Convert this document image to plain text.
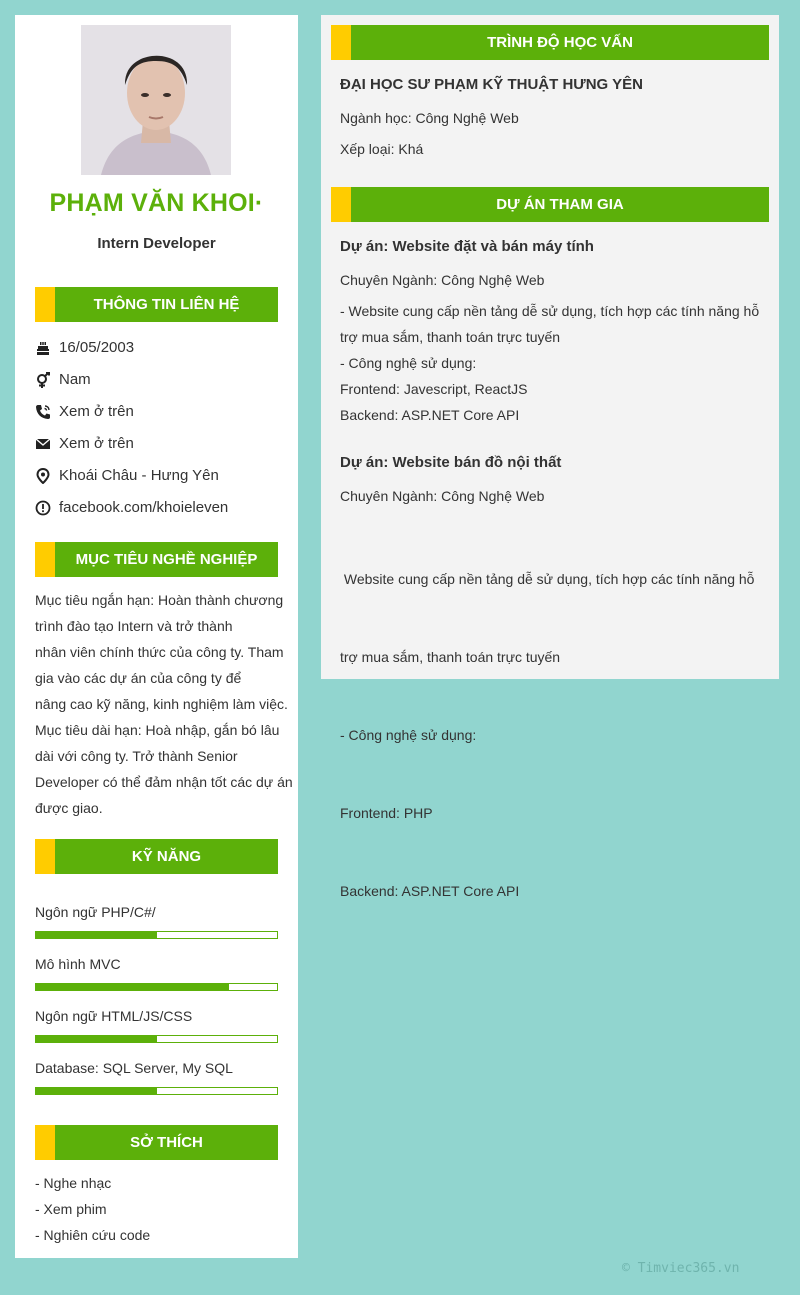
PHẠM VĂN KHOI·
Intern Developer
THÔNG TIN LIÊN HỆ
16/05/2003
Nam
Xem ở trên
Xem ở trên
Khoái Châu - Hưng Yên
facebook.com/khoieleven
MỤC TIÊU NGHỀ NGHIỆP
Mục tiêu ngắn hạn: Hoàn thành chương
trình đào tạo Intern và trở thành
nhân viên chính thức của công ty. Tham
gia vào các dự án của công ty để
nâng cao kỹ năng, kinh nghiệm làm việc.
Mục tiêu dài hạn: Hoà nhập, gắn bó lâu
dài với công ty. Trở thành Senior
Developer có thể đảm nhận tốt các dự án
được giao.
KỸ NĂNG
Ngôn ngữ PHP/C#/
Mô hình MVC
Ngôn ngữ HTML/JS/CSS
Database: SQL Server, My SQL
SỞ THÍCH
- Nghe nhạc
- Xem phim
- Nghiên cứu code
TRÌNH ĐỘ HỌC VẤN
ĐẠI HỌC SƯ PHẠM KỸ THUẬT HƯNG YÊN
Ngành học: Công Nghệ Web
Xếp loại: Khá
DỰ ÁN THAM GIA
Dự án: Website đặt và bán máy tính
Chuyên Ngành: Công Nghệ Web
- Website cung cấp nền tảng dễ sử dụng, tích hợp các tính năng hỗ
trợ mua sắm, thanh toán trực tuyến
- Công nghệ sử dụng:
Frontend: Javescript, ReactJS
Backend: ASP.NET Core API
Dự án: Website bán đồ nội thất
Chuyên Ngành: Công Nghệ Web

Website cung cấp nền tảng dễ sử dụng, tích hợp các tính năng hỗ

trợ mua sắm, thanh toán trực tuyến

- Công nghệ sử dụng:

Frontend: PHP

Backend: ASP.NET Core API

© Timviec365.vn
